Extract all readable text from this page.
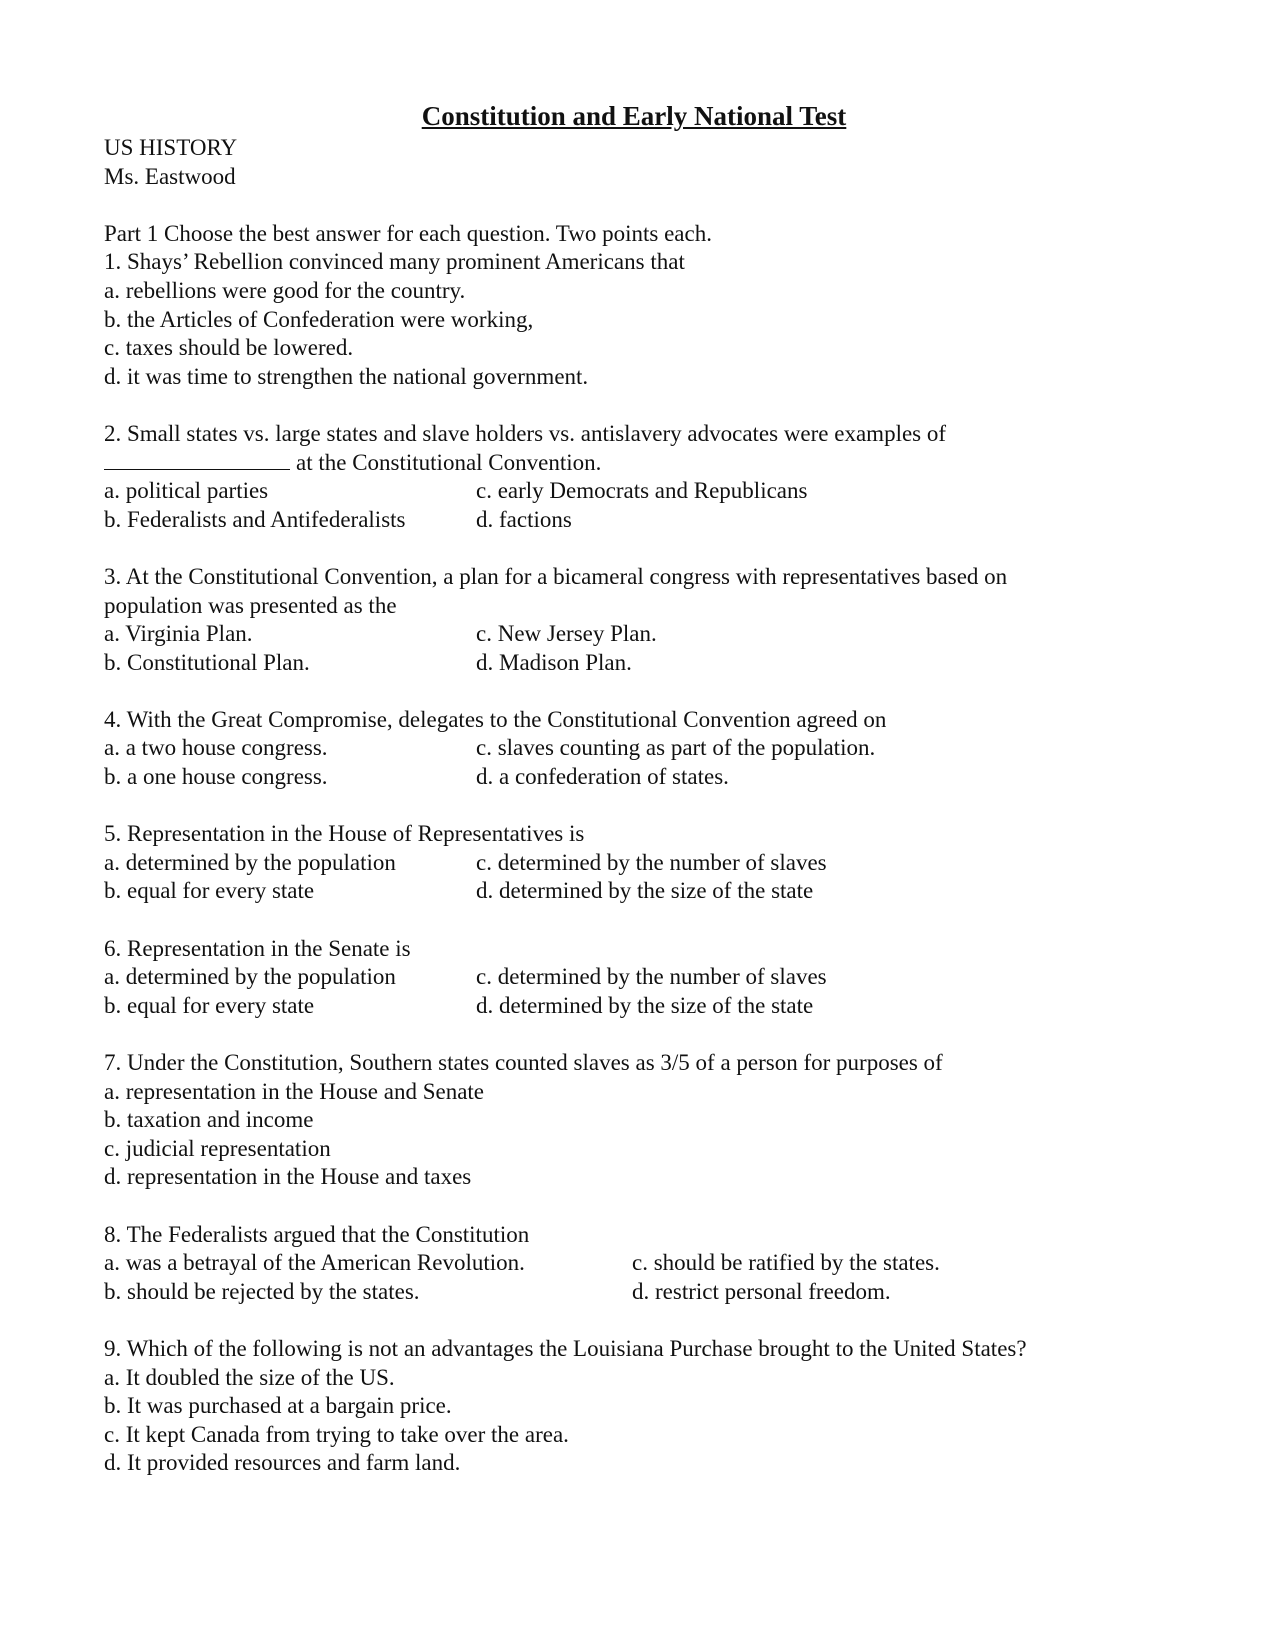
Constitution and Early National Test
US HISTORY
Ms. Eastwood
Part 1 Choose the best answer for each question. Two points each.
1. Shays’ Rebellion convinced many prominent Americans that
a. rebellions were good for the country.
b. the Articles of Confederation were working,
c. taxes should be lowered.
d. it was time to strengthen the national government.
2. Small states vs. large states and slave holders vs. antislavery advocates were examples of
at the Constitutional Convention.
a. political parties	c. early Democrats and Republicans
b. Federalists and Antifederalists	d. factions
3. At the Constitutional Convention, a plan for a bicameral congress with representatives based on
population was presented as the
a. Virginia Plan.	c. New Jersey Plan.
b. Constitutional Plan.	d. Madison Plan.
4. With the Great Compromise, delegates to the Constitutional Convention agreed on
a. a two house congress.	c. slaves counting as part of the population.
b. a one house congress.	d. a confederation of states.
5. Representation in the House of Representatives is
a. determined by the population	c. determined by the number of slaves
b. equal for every state	d. determined by the size of the state
6. Representation in the Senate is
a. determined by the population	c. determined by the number of slaves
b. equal for every state	d. determined by the size of the state
7. Under the Constitution, Southern states counted slaves as 3/5 of a person for purposes of
a. representation in the House and Senate
b. taxation and income
c. judicial representation
d. representation in the House and taxes
8. The Federalists argued that the Constitution
a. was a betrayal of the American Revolution.	c. should be ratified by the states.
b. should be rejected by the states.	d. restrict personal freedom.
9. Which of the following is not an advantages the Louisiana Purchase brought to the United States?
a. It doubled the size of the US.
b. It was purchased at a bargain price.
c. It kept Canada from trying to take over the area.
d. It provided resources and farm land.
